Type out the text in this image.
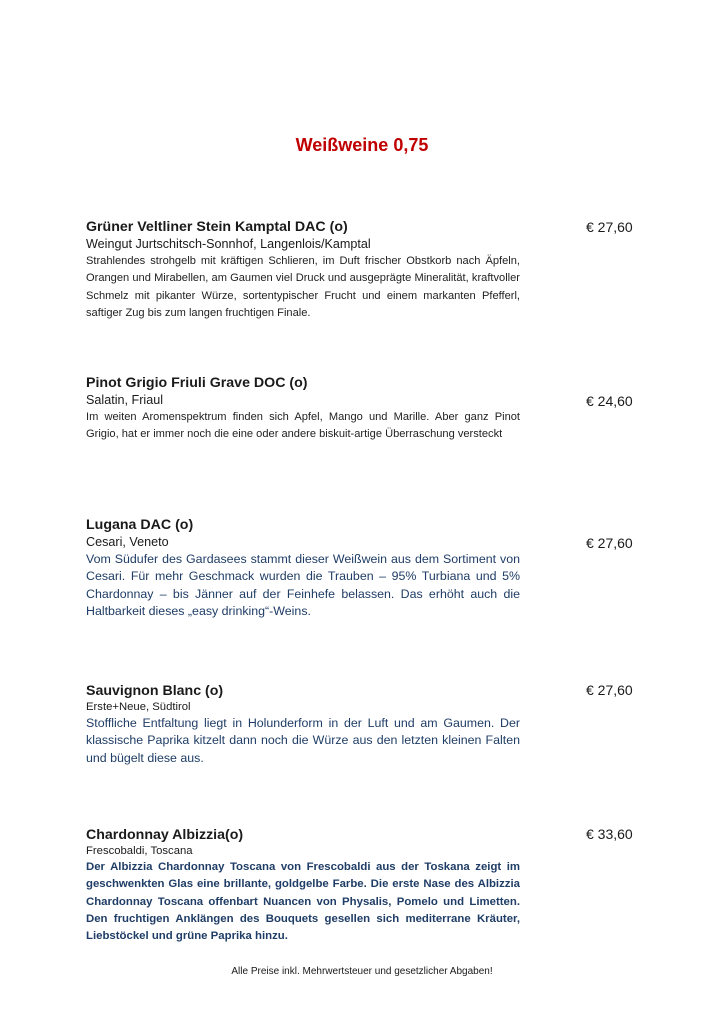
Weißweine 0,75
Grüner Veltliner Stein Kamptal DAC (o)
Weingut Jurtschitsch-Sonnhof, Langenlois/Kamptal
Strahlendes strohgelb mit kräftigen Schlieren, im Duft frischer Obstkorb nach Äpfeln, Orangen und Mirabellen, am Gaumen viel Druck und ausgeprägte Mineralität, kraftvoller Schmelz mit pikanter Würze, sortentypischer Frucht und einem markanten Pfefferl, saftiger Zug bis zum langen fruchtigen Finale.
€ 27,60
Pinot Grigio Friuli Grave DOC (o)
Salatin, Friaul
Im weiten Aromenspektrum finden sich Apfel, Mango und Marille. Aber ganz Pinot Grigio, hat er immer noch die eine oder andere biskuit-artige Überraschung versteckt
€ 24,60
Lugana DAC (o)
Cesari, Veneto
Vom Südufer des Gardasees stammt dieser Weißwein aus dem Sortiment von Cesari. Für mehr Geschmack wurden die Trauben – 95% Turbiana und 5% Chardonnay – bis Jänner auf der Feinhefe belassen. Das erhöht auch die Haltbarkeit dieses „easy drinking“-Weins.
€ 27,60
Sauvignon Blanc (o)
Erste+Neue, Südtirol
Stoffliche Entfaltung liegt in Holunderform in der Luft und am Gaumen. Der klassische Paprika kitzelt dann noch die Würze aus den letzten kleinen Falten und bügelt diese aus.
€ 27,60
Chardonnay Albizzia(o)
Frescobaldi, Toscana
Der Albizzia Chardonnay Toscana von Frescobaldi aus der Toskana zeigt im geschwenkten Glas eine brillante, goldgelbe Farbe. Die erste Nase des Albizzia Chardonnay Toscana offenbart Nuancen von Physalis, Pomelo und Limetten. Den fruchtigen Anklängen des Bouquets gesellen sich mediterrane Kräuter, Liebstöckel und grüne Paprika hinzu.
€ 33,60
Alle Preise inkl. Mehrwertsteuer und gesetzlicher Abgaben!
